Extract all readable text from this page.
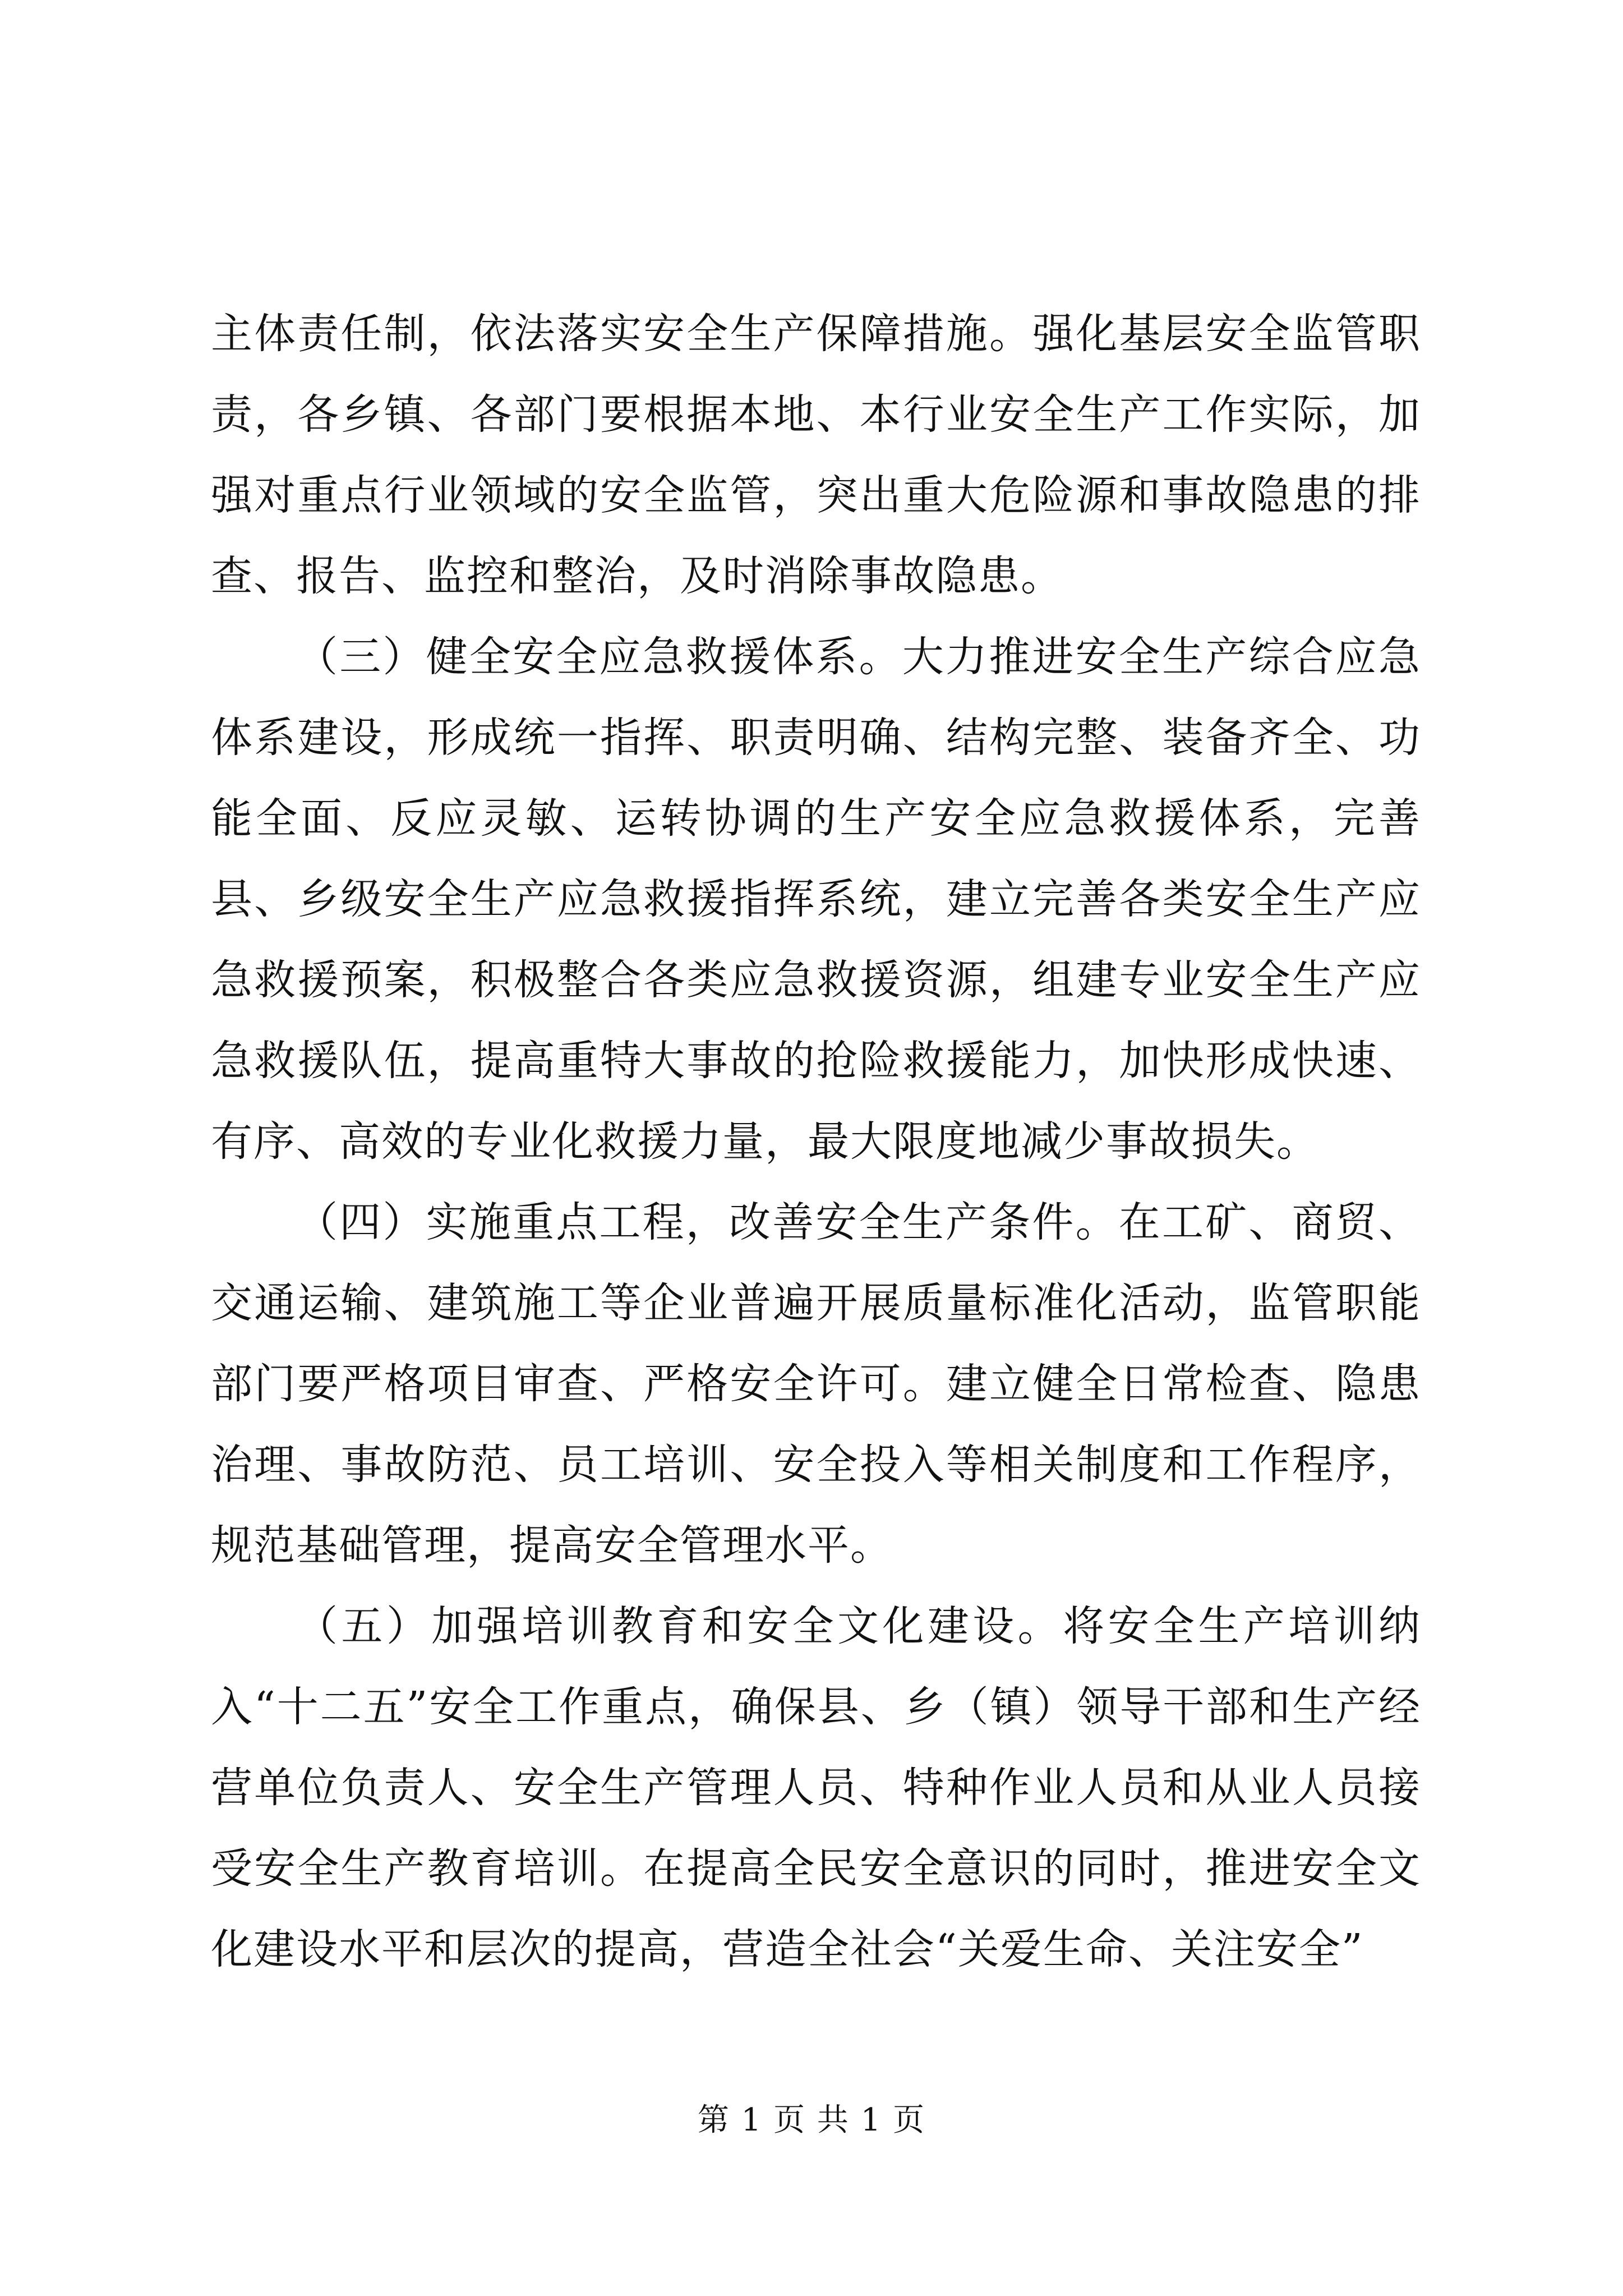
主体责任制，依法落实安全生产保障措施。强化基层安全监管职责，各乡镇、各部门要根据本地、本行业安全生产工作实际，加强对重点行业领域的安全监管，突出重大危险源和事故隐患的排查、报告、监控和整治，及时消除事故隐患。

（三）健全安全应急救援体系。大力推进安全生产综合应急体系建设，形成统一指挥、职责明确、结构完整、装备齐全、功能全面、反应灵敏、运转协调的生产安全应急救援体系，完善县、乡级安全生产应急救援指挥系统，建立完善各类安全生产应急救援预案，积极整合各类应急救援资源，组建专业安全生产应急救援队伍，提高重特大事故的抢险救援能力，加快形成快速、有序、高效的专业化救援力量，最大限度地减少事故损失。

（四）实施重点工程，改善安全生产条件。在工矿、商贸、交通运输、建筑施工等企业普遍开展质量标准化活动，监管职能部门要严格项目审查、严格安全许可。建立健全日常检查、隐患治理、事故防范、员工培训、安全投入等相关制度和工作程序，规范基础管理，提高安全管理水平。

（五）加强培训教育和安全文化建设。将安全生产培训纳入“十二五”安全工作重点，确保县、乡（镇）领导干部和生产经营单位负责人、安全生产管理人员、特种作业人员和从业人员接受安全生产教育培训。在提高全民安全意识的同时，推进安全文化建设水平和层次的提高，营造全社会“关爱生命、关注安全”

第 1 页 共 1 页
